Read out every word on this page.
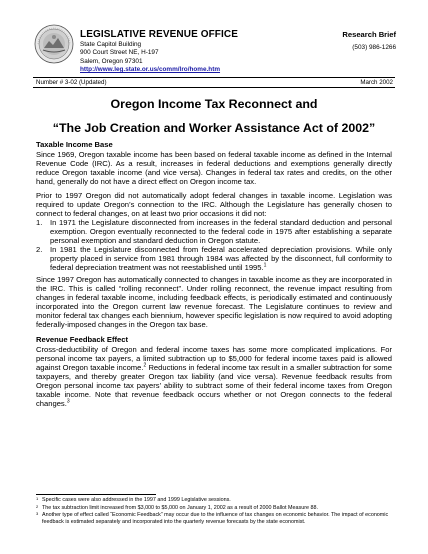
LEGISLATIVE REVENUE OFFICE
State Capitol Building
900 Court Street NE, H-197
Salem, Oregon 97301
http://www.leg.state.or.us/comm/lro/home.htm
Research Brief
(503) 986-1266
Number # 3-02 (Updated)	March 2002
Oregon Income Tax Reconnect and
“The Job Creation and Worker Assistance Act of 2002”
Taxable Income Base

Since 1969, Oregon taxable income has been based on federal taxable income as defined in the Internal Revenue Code (IRC). As a result, increases in federal deductions and exemptions generally directly reduce Oregon taxable income (and vice versa). Changes in federal tax rates and credits, on the other hand, generally do not have a direct effect on Oregon income tax.

Prior to 1997 Oregon did not automatically adopt federal changes in taxable income. Legislation was required to update Oregon’s connection to the IRC. Although the Legislature has generally chosen to connect to federal changes, on at least two prior occasions it did not:

1. In 1971 the Legislature disconnected from increases in the federal standard deduction and personal exemption. Oregon eventually reconnected to the federal code in 1975 after establishing a separate personal exemption and standard deduction in Oregon statute.
2. In 1981 the Legislature disconnected from federal accelerated depreciation provisions. While only property placed in service from 1981 through 1984 was affected by the disconnect, full conformity to federal depreciation treatment was not reestablished until 1995.$^1$

Since 1997 Oregon has automatically connected to changes in taxable income as they are incorporated in the IRC. This is called “rolling reconnect”. Under rolling reconnect, the revenue impact resulting from changes in federal taxable income, including feedback effects, is periodically estimated and continuously incorporated into the Oregon current law revenue forecast. The Legislature continues to review and monitor federal tax changes each biennium, however specific legislation is now required to avoid adopting federally-imposed changes in the Oregon tax base.

Revenue Feedback Effect

Cross-deductibility of Oregon and federal income taxes has some more complicated implications. For personal income tax payers, a limited subtraction up to $5,000 for federal income taxes paid is allowed against Oregon taxable income.$^2$ Reductions in federal income tax result in a smaller subtraction for some taxpayers, and thereby greater Oregon tax liability (and vice versa). Revenue feedback results from Oregon personal income tax payers’ ability to subtract some of their federal income taxes from Oregon taxable income. Note that revenue feedback occurs whether or not Oregon connects to the federal changes.$^3$

1 Specific cases were also addressed in the 1997 and 1999 Legislative sessions.
2 The tax subtraction limit increased from $3,000 to $5,000 on January 1, 2002 as a result of 2000 Ballot Measure 88.
3 Another type of effect called “Economic Feedback” may occur due to the influence of tax changes on economic behavior. The impact of economic feedback is estimated separately and incorporated into the quarterly revenue forecasts by the state economist.
